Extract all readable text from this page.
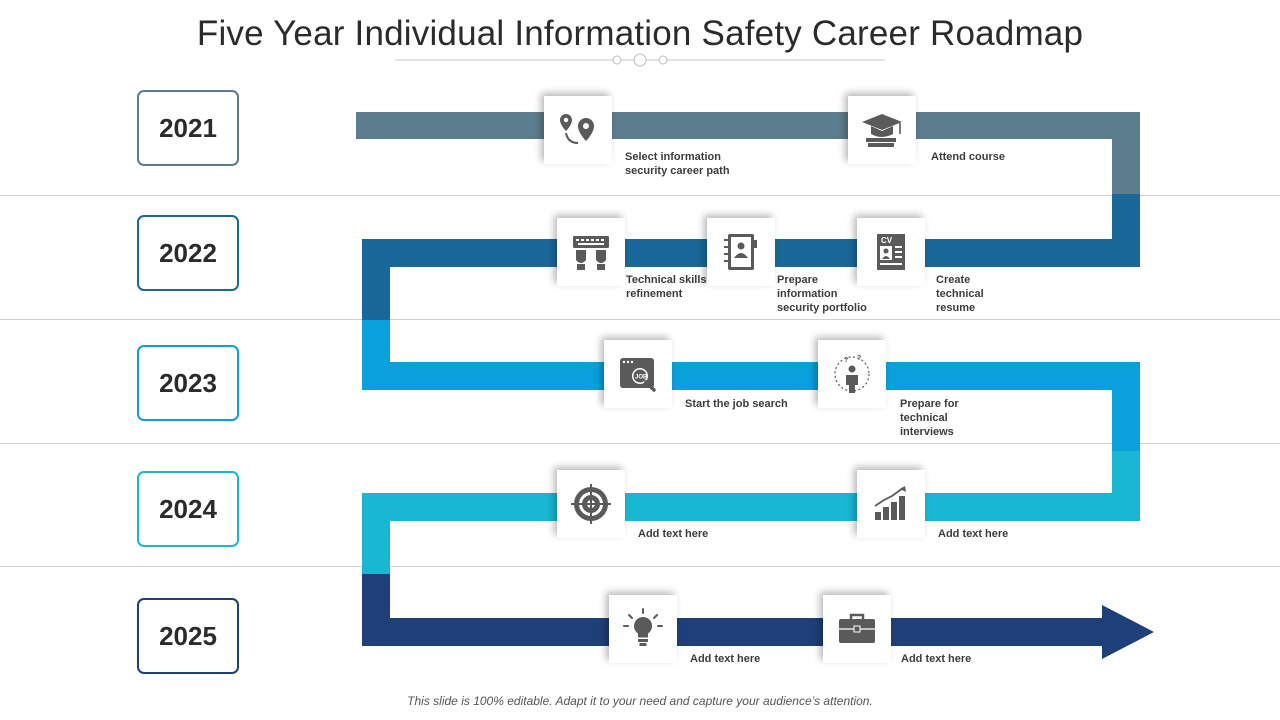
Five Year Individual Information Safety Career Roadmap
2021
2022
2023
2024
2025
Select information
security career path
Attend course
Technical skills
refinement
Prepare
information
security portfolio
CV
Create
technical
resume
JOB
Start the job search
? ?
Prepare for
technical
interviews
Add text here	Add text here
Add text here	Add text here
This slide is 100% editable. Adapt it to your need and capture your audience’s attention.
